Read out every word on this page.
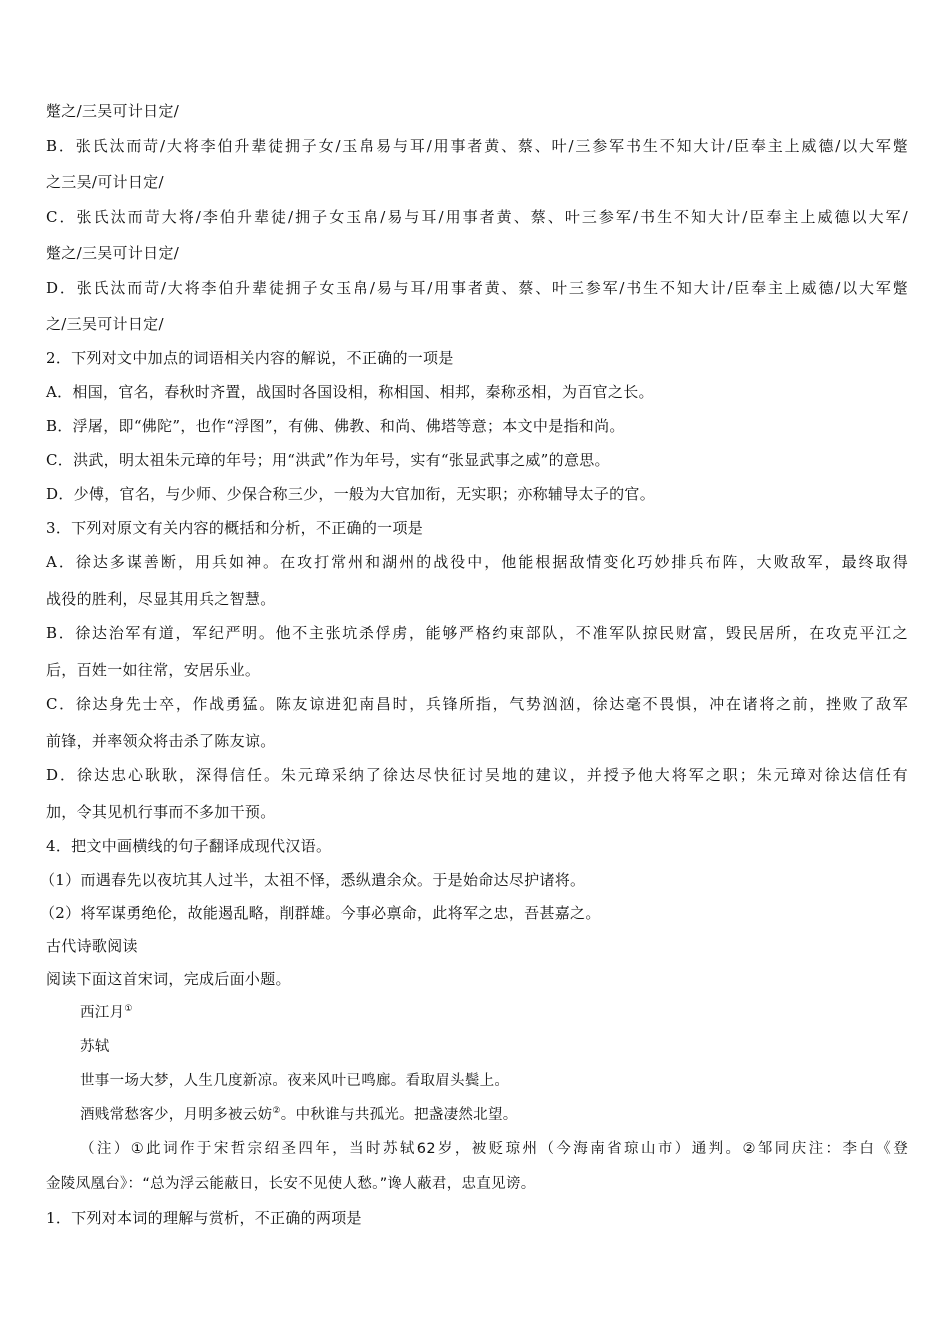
蹩之/三吴可计日定/
B．张氏汰而苛/大将李伯升辈徒拥子女/玉帛易与耳/用事者黄、蔡、叶/三参军书生不知大计/臣奉主上威德/以大军蹩
之三吴/可计日定/
C．张氏汰而苛大将/李伯升辈徒/拥子女玉帛/易与耳/用事者黄、蔡、叶三参军/书生不知大计/臣奉主上威德以大军/
蹩之/三吴可计日定/
D．张氏汰而苛/大将李伯升辈徒拥子女玉帛/易与耳/用事者黄、蔡、叶三参军/书生不知大计/臣奉主上威德/以大军蹩
之/三吴可计日定/
2．下列对文中加点的词语相关内容的解说，不正确的一项是
A．相国，官名，春秋时齐置，战国时各国设相，称相国、相邦，秦称丞相，为百官之长。
B．浮屠，即“佛陀”，也作“浮图”，有佛、佛教、和尚、佛塔等意；本文中是指和尚。
C．洪武，明太祖朱元璋的年号；用“洪武”作为年号，实有“张显武事之威”的意思。
D．少傅，官名，与少师、少保合称三少，一般为大官加衔，无实职；亦称辅导太子的官。
3．下列对原文有关内容的概括和分析，不正确的一项是
A．徐达多谋善断，用兵如神。在攻打常州和湖州的战役中，他能根据敌情变化巧妙排兵布阵，大败敌军，最终取得
战役的胜利，尽显其用兵之智慧。
B．徐达治军有道，军纪严明。他不主张坑杀俘虏，能够严格约束部队，不准军队掠民财富，毁民居所，在攻克平江之
后，百姓一如往常，安居乐业。
C．徐达身先士卒，作战勇猛。陈友谅进犯南昌时，兵锋所指，气势汹汹，徐达毫不畏惧，冲在诸将之前，挫败了敌军
前锋，并率领众将击杀了陈友谅。
D．徐达忠心耿耿，深得信任。朱元璋采纳了徐达尽快征讨吴地的建议，并授予他大将军之职；朱元璋对徐达信任有
加，令其见机行事而不多加干预。
4．把文中画横线的句子翻译成现代汉语。
（1）而遇春先以夜坑其人过半，太祖不怿，悉纵遣余众。于是始命达尽护诸将。
（2）将军谋勇绝伦，故能遏乱略，削群雄。今事必禀命，此将军之忠，吾甚嘉之。
古代诗歌阅读
阅读下面这首宋词，完成后面小题。
西江月①
苏轼
世事一场大梦，人生几度新凉。夜来风叶已鸣廊。看取眉头鬓上。
酒贱常愁客少，月明多被云妨②。中秋谁与共孤光。把盏凄然北望。
（注）①此词作于宋哲宗绍圣四年，当时苏轼62岁，被贬琼州（今海南省琼山市）通判。②邹同庆注：李白《登
金陵凤凰台》：“总为浮云能蔽日，长安不见使人愁。”谗人蔽君，忠直见谤。
1．下列对本词的理解与赏析，不正确的两项是
